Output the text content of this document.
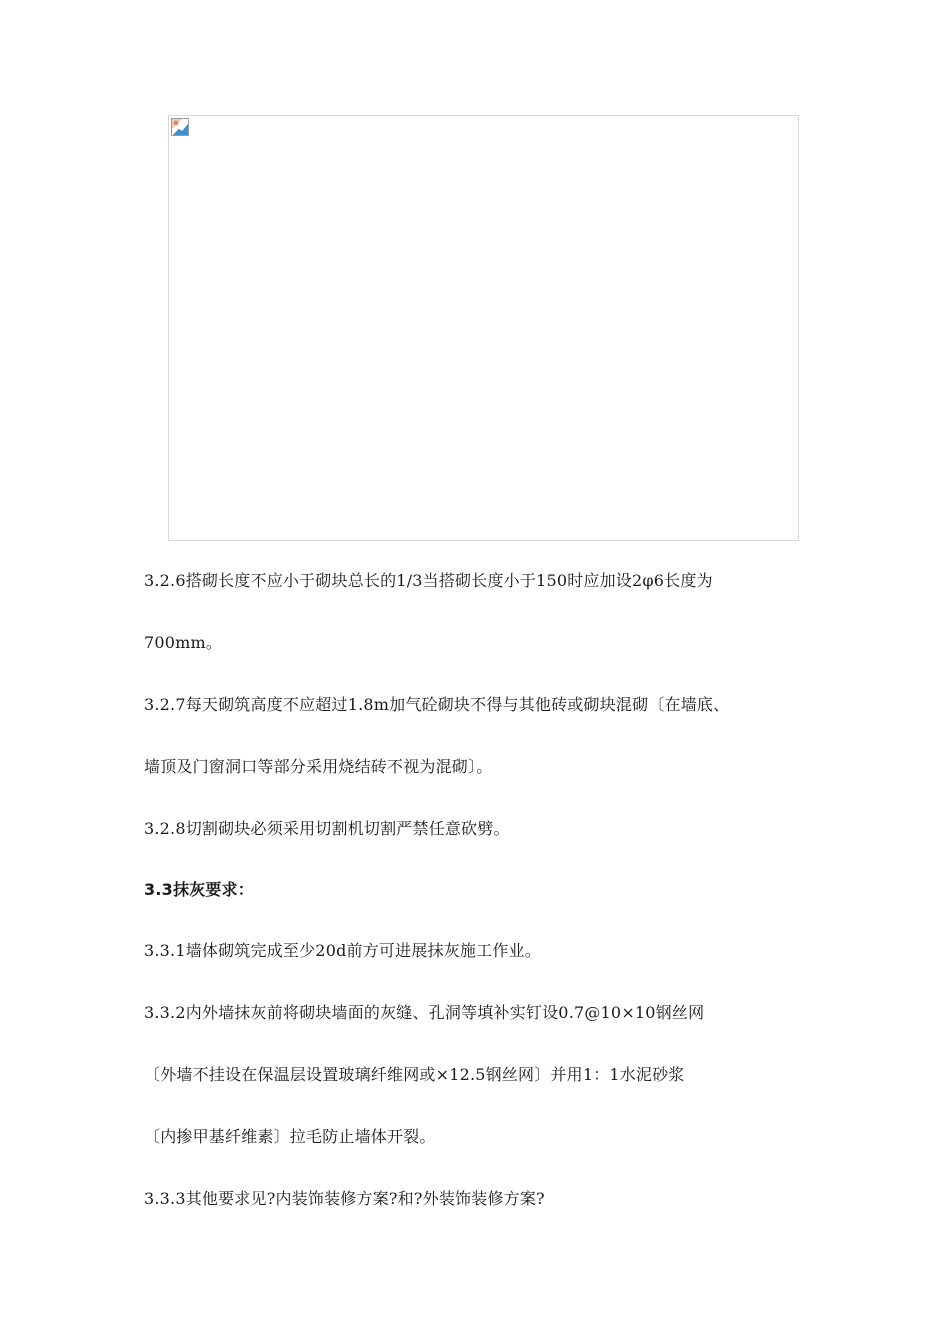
3.2.6搭砌长度不应小于砌块总长的1/3当搭砌长度小于150时应加设2φ6长度为
700mm。
3.2.7每天砌筑高度不应超过1.8m加气砼砌块不得与其他砖或砌块混砌〔在墙底、
墙顶及门窗洞口等部分采用烧结砖不视为混砌〕。
3.2.8切割砌块必须采用切割机切割严禁任意砍劈。
3.3抹灰要求：
3.3.1墙体砌筑完成至少20d前方可进展抹灰施工作业。
3.3.2内外墙抹灰前将砌块墙面的灰缝、孔洞等填补实钉设0.7@10×10钢丝网
〔外墙不挂设在保温层设置玻璃纤维网或×12.5钢丝网〕并用1：1水泥砂浆
〔内掺甲基纤维素〕拉毛防止墙体开裂。
3.3.3其他要求见?内装饰装修方案?和?外装饰装修方案?
